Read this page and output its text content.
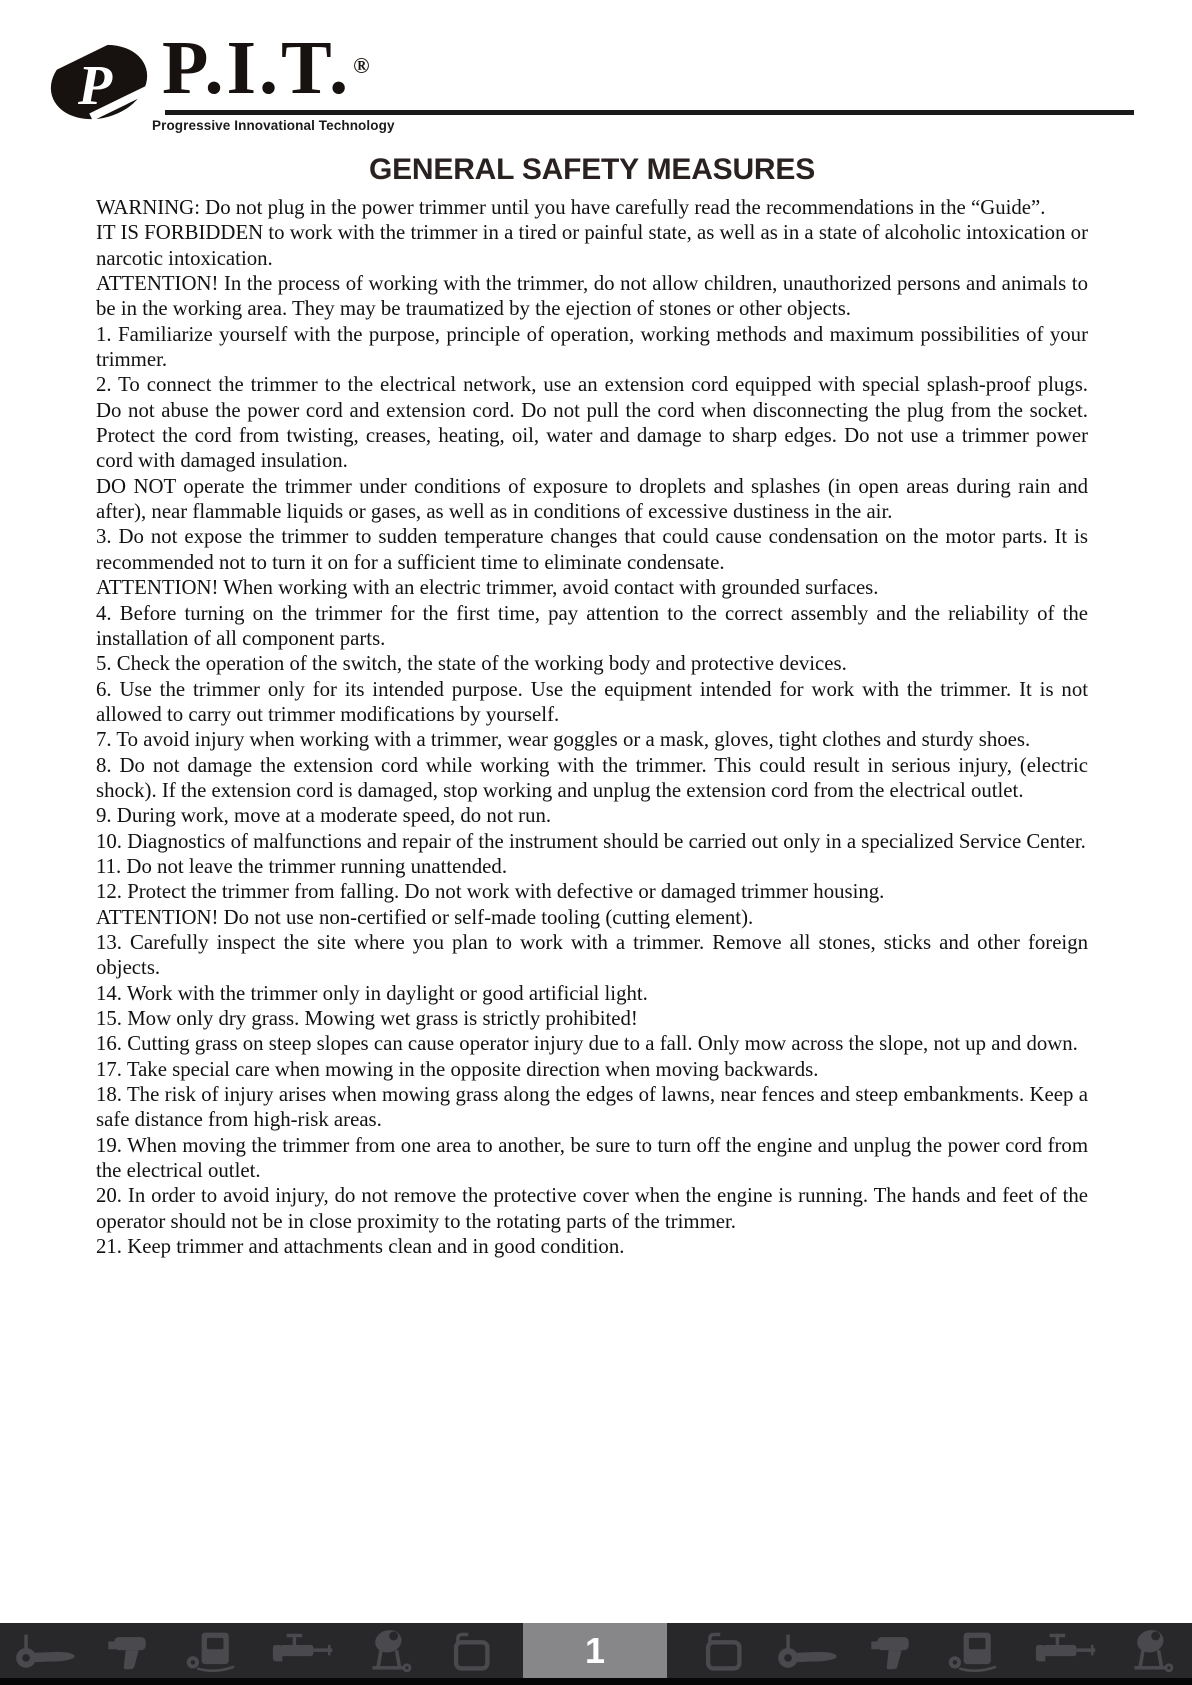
P P.I.T.®
Progressive Innovational Technology
GENERAL SAFETY MEASURES

WARNING: Do not plug in the power trimmer until you have carefully read the recommendations in the “Guide”.

IT IS FORBIDDEN to work with the trimmer in a tired or painful state, as well as in a state of alcoholic intoxication or narcotic intoxication.

ATTENTION! In the process of working with the trimmer, do not allow children, unauthorized persons and animals to be in the working area. They may be traumatized by the ejection of stones or other objects.

1. Familiarize yourself with the purpose, principle of operation, working methods and maximum possibilities of your trimmer.

2. To connect the trimmer to the electrical network, use an extension cord equipped with special splash-proof plugs. Do not abuse the power cord and extension cord. Do not pull the cord when disconnecting the plug from the socket. Protect the cord from twisting, creases, heating, oil, water and damage to sharp edges. Do not use a trimmer power cord with damaged insulation.

DO NOT operate the trimmer under conditions of exposure to droplets and splashes (in open areas during rain and after), near flammable liquids or gases, as well as in conditions of excessive dustiness in the air.

3. Do not expose the trimmer to sudden temperature changes that could cause condensation on the motor parts. It is recommended not to turn it on for a sufficient time to eliminate condensate.

ATTENTION! When working with an electric trimmer, avoid contact with grounded surfaces.

4. Before turning on the trimmer for the first time, pay attention to the correct assembly and the reliability of the installation of all component parts.

5. Check the operation of the switch, the state of the working body and protective devices.

6. Use the trimmer only for its intended purpose. Use the equipment intended for work with the trimmer. It is not allowed to carry out trimmer modifications by yourself.

7. To avoid injury when working with a trimmer, wear goggles or a mask, gloves, tight clothes and sturdy shoes.

8. Do not damage the extension cord while working with the trimmer. This could result in serious injury, (electric shock). If the extension cord is damaged, stop working and unplug the extension cord from the electrical outlet.

9. During work, move at a moderate speed, do not run.

10. Diagnostics of malfunctions and repair of the instrument should be carried out only in a specialized Service Center.

11. Do not leave the trimmer running unattended.

12. Protect the trimmer from falling. Do not work with defective or damaged trimmer housing.

ATTENTION! Do not use non-certified or self-made tooling (cutting element).

13. Carefully inspect the site where you plan to work with a trimmer. Remove all stones, sticks and other foreign objects.

14. Work with the trimmer only in daylight or good artificial light.

15. Mow only dry grass. Mowing wet grass is strictly prohibited!

16. Cutting grass on steep slopes can cause operator injury due to a fall. Only mow across the slope, not up and down.

17. Take special care when mowing in the opposite direction when moving backwards.

18. The risk of injury arises when mowing grass along the edges of lawns, near fences and steep embankments. Keep a safe distance from high-risk areas.

19. When moving the trimmer from one area to another, be sure to turn off the engine and unplug the power cord from the electrical outlet.

20. In order to avoid injury, do not remove the protective cover when the engine is running. The hands and feet of the operator should not be in close proximity to the rotating parts of the trimmer.

21. Keep trimmer and attachments clean and in good condition.

1
